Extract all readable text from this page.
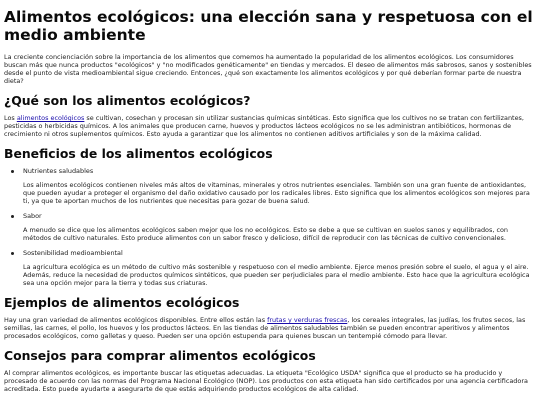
Alimentos ecológicos: una elección sana y respetuosa con el medio ambiente

La creciente concienciación sobre la importancia de los alimentos que comemos ha aumentado la popularidad de los alimentos ecológicos. Los consumidores buscan más que nunca productos "ecológicos" y "no modificados genéticamente" en tiendas y mercados. El deseo de alimentos más sabrosos, sanos y sostenibles desde el punto de vista medioambiental sigue creciendo. Entonces, ¿qué son exactamente los alimentos ecológicos y por qué deberían formar parte de nuestra dieta?

¿Qué son los alimentos ecológicos?

Los alimentos ecológicos se cultivan, cosechan y procesan sin utilizar sustancias químicas sintéticas. Esto significa que los cultivos no se tratan con fertilizantes, pesticidas o herbicidas químicos. A los animales que producen carne, huevos y productos lácteos ecológicos no se les administran antibióticos, hormonas de crecimiento ni otros suplementos químicos. Esto ayuda a garantizar que los alimentos no contienen aditivos artificiales y son de la máxima calidad.

Beneficios de los alimentos ecológicos
Nutrientes saludables

Los alimentos ecológicos contienen niveles más altos de vitaminas, minerales y otros nutrientes esenciales. También son una gran fuente de antioxidantes, que pueden ayudar a proteger el organismo del daño oxidativo causado por los radicales libres. Esto significa que los alimentos ecológicos son mejores para ti, ya que te aportan muchos de los nutrientes que necesitas para gozar de buena salud.

Sabor

A menudo se dice que los alimentos ecológicos saben mejor que los no ecológicos. Esto se debe a que se cultivan en suelos sanos y equilibrados, con métodos de cultivo naturales. Esto produce alimentos con un sabor fresco y delicioso, difícil de reproducir con las técnicas de cultivo convencionales.

Sostenibilidad medioambiental

La agricultura ecológica es un método de cultivo más sostenible y respetuoso con el medio ambiente. Ejerce menos presión sobre el suelo, el agua y el aire. Además, reduce la necesidad de productos químicos sintéticos, que pueden ser perjudiciales para el medio ambiente. Esto hace que la agricultura ecológica sea una opción mejor para la tierra y todas sus criaturas.

Ejemplos de alimentos ecológicos

Hay una gran variedad de alimentos ecológicos disponibles. Entre ellos están las frutas y verduras frescas, los cereales integrales, las judías, los frutos secos, las semillas, las carnes, el pollo, los huevos y los productos lácteos. En las tiendas de alimentos saludables también se pueden encontrar aperitivos y alimentos procesados ecológicos, como galletas y queso. Pueden ser una opción estupenda para quienes buscan un tentempié cómodo para llevar.

Consejos para comprar alimentos ecológicos

Al comprar alimentos ecológicos, es importante buscar las etiquetas adecuadas. La etiqueta "Ecológico USDA" significa que el producto se ha producido y procesado de acuerdo con las normas del Programa Nacional Ecológico (NOP). Los productos con esta etiqueta han sido certificados por una agencia certificadora acreditada. Esto puede ayudarte a asegurarte de que estás adquiriendo productos ecológicos de alta calidad.
